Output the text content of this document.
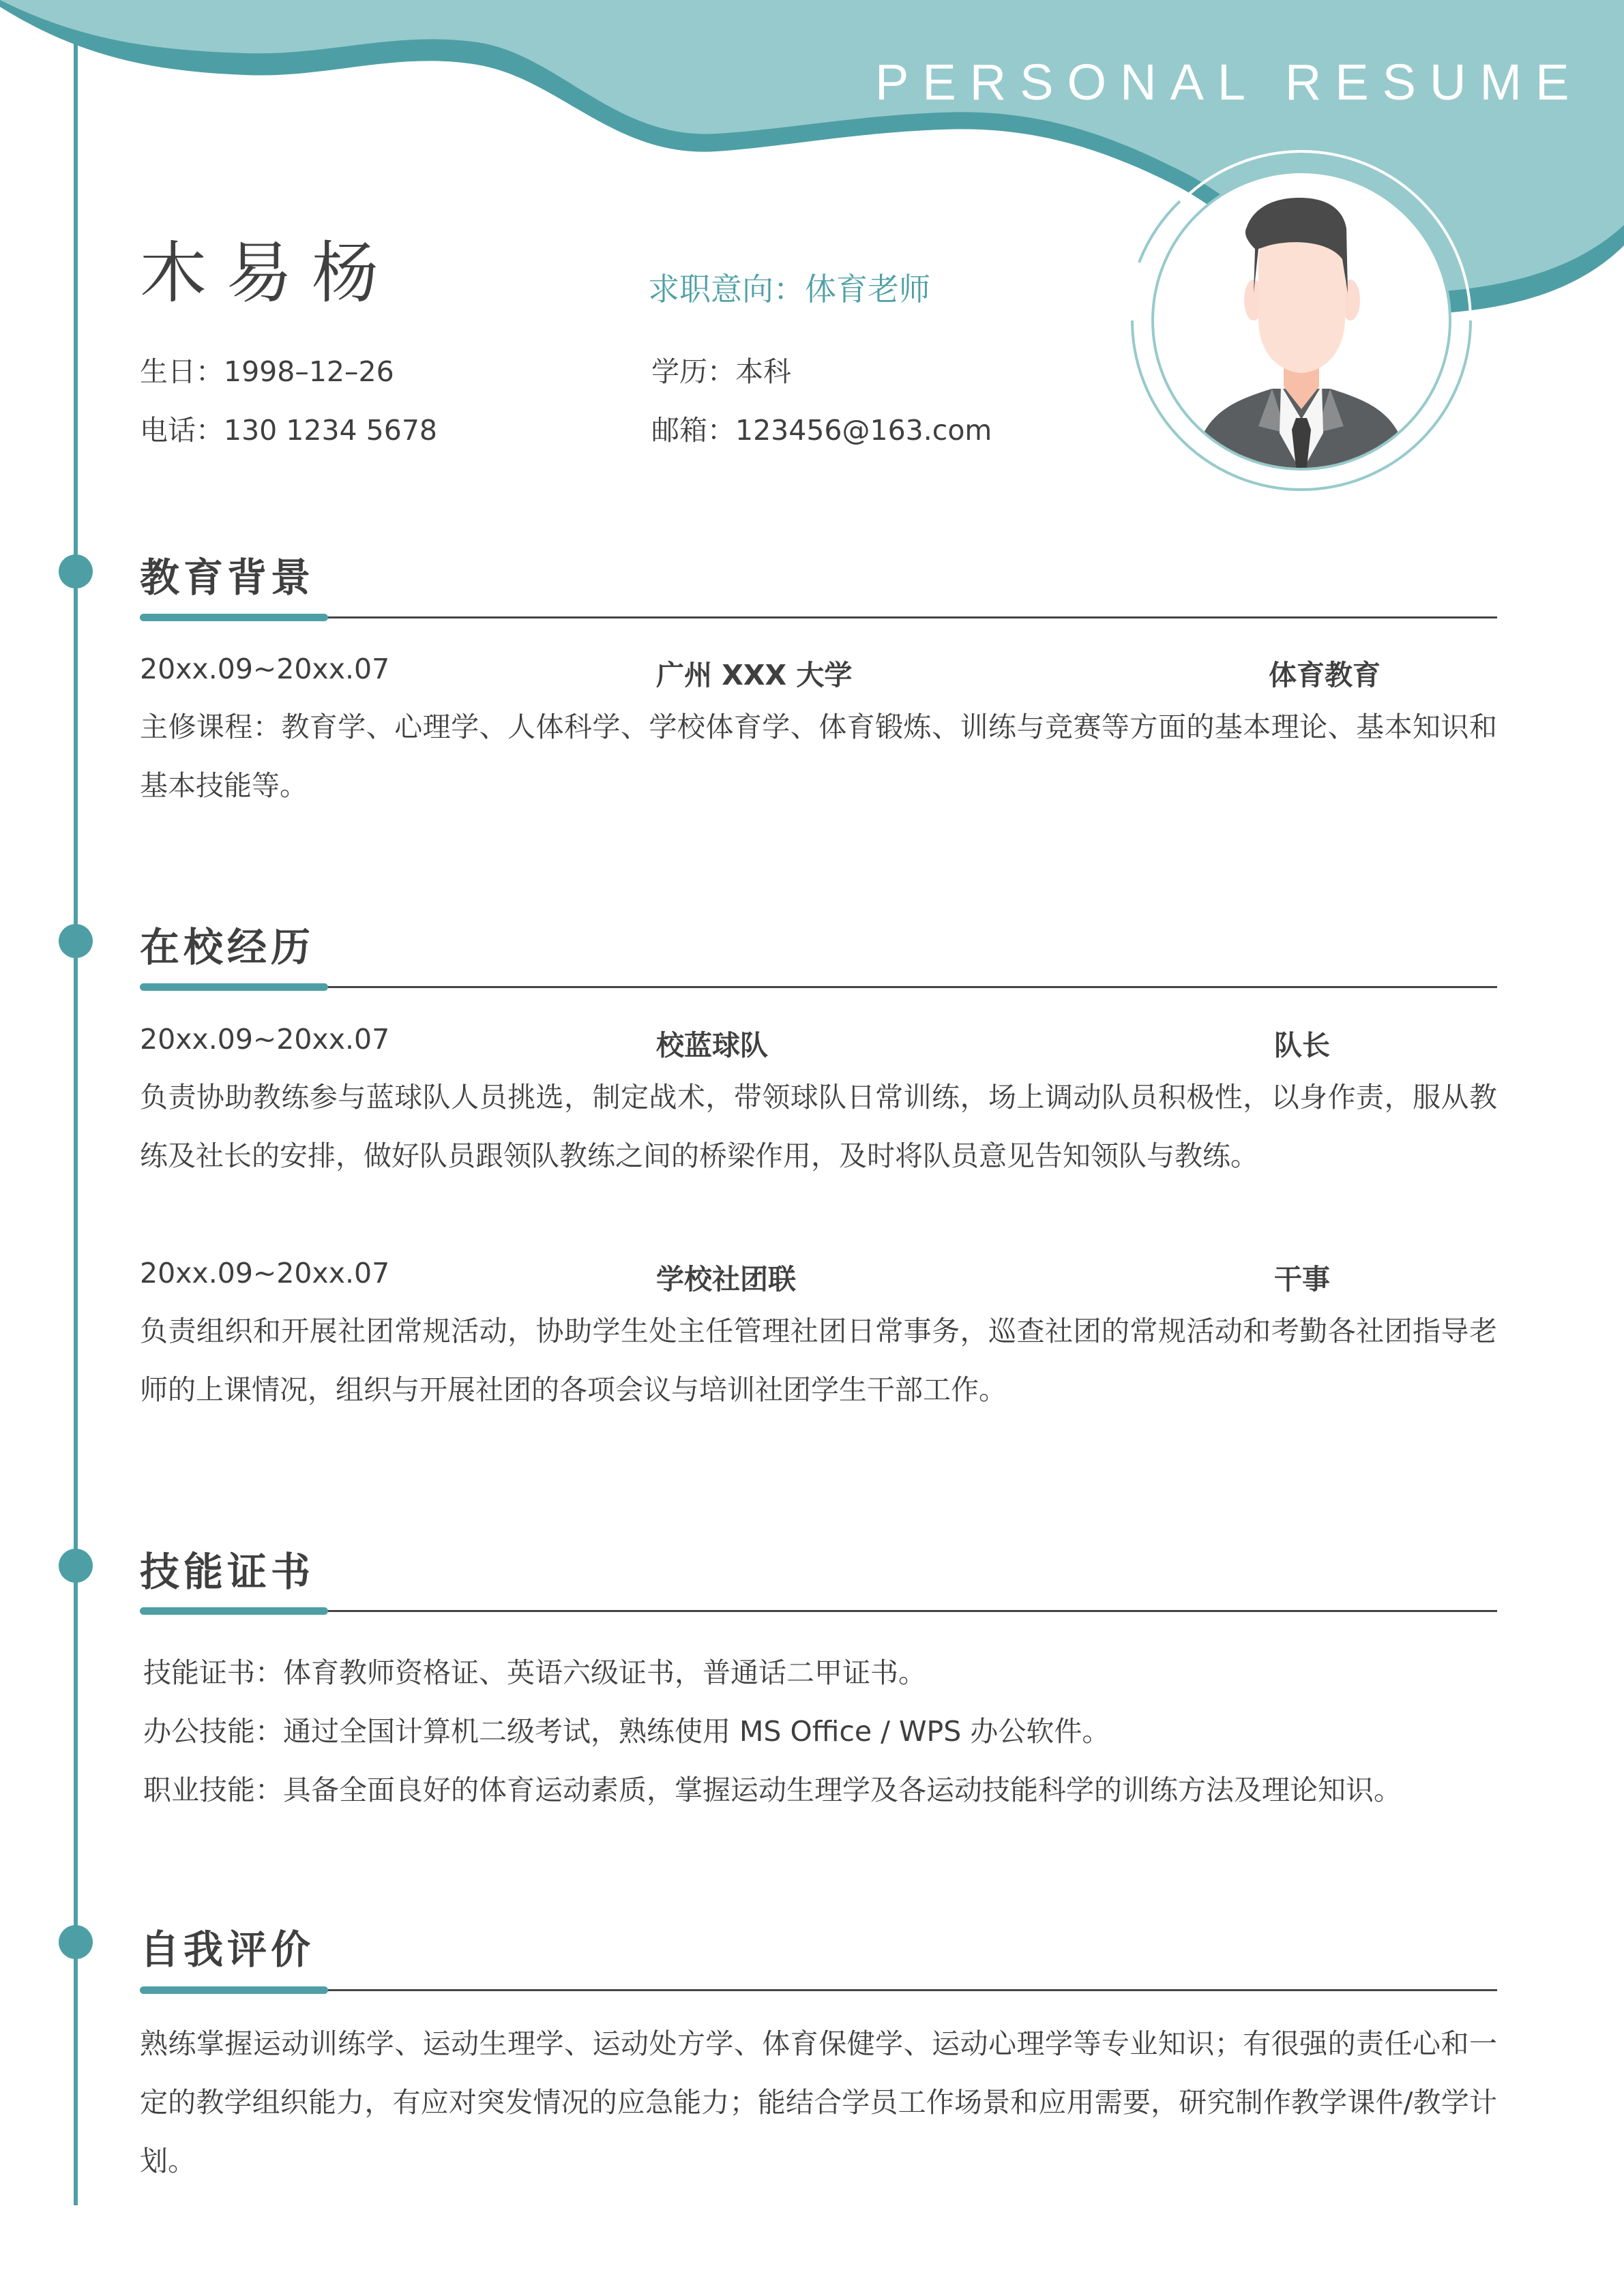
PERSONAL RESUME
木易杨	求职意向：体育老师
生日：1998–12–26	学历：本科
电话：130 1234 5678	邮箱：123456@163.com
教育背景
20xx.09~20xx.07	广州 XXX 大学	体育教育

主修课程：教育学、心理学、人体科学、学校体育学、体育锻炼、训练与竞赛等方面的基本理论、基本知识和基本技能等。

在校经历
20xx.09~20xx.07	校蓝球队	队长

负责协助教练参与蓝球队人员挑选，制定战术，带领球队日常训练，场上调动队员积极性，以身作责，服从教练及社长的安排，做好队员跟领队教练之间的桥梁作用，及时将队员意见告知领队与教练。

20xx.09~20xx.07	学校社团联	干事

负责组织和开展社团常规活动，协助学生处主任管理社团日常事务，巡查社团的常规活动和考勤各社团指导老师的上课情况，组织与开展社团的各项会议与培训社团学生干部工作。

技能证书
技能证书：体育教师资格证、英语六级证书，普通话二甲证书。
办公技能：通过全国计算机二级考试，熟练使用 MS Office / WPS 办公软件。
职业技能：具备全面良好的体育运动素质，掌握运动生理学及各运动技能科学的训练方法及理论知识。
自我评价

熟练掌握运动训练学、运动生理学、运动处方学、体育保健学、运动心理学等专业知识；有很强的责任心和一定的教学组织能力，有应对突发情况的应急能力；能结合学员工作场景和应用需要，研究制作教学课件/教学计划。
